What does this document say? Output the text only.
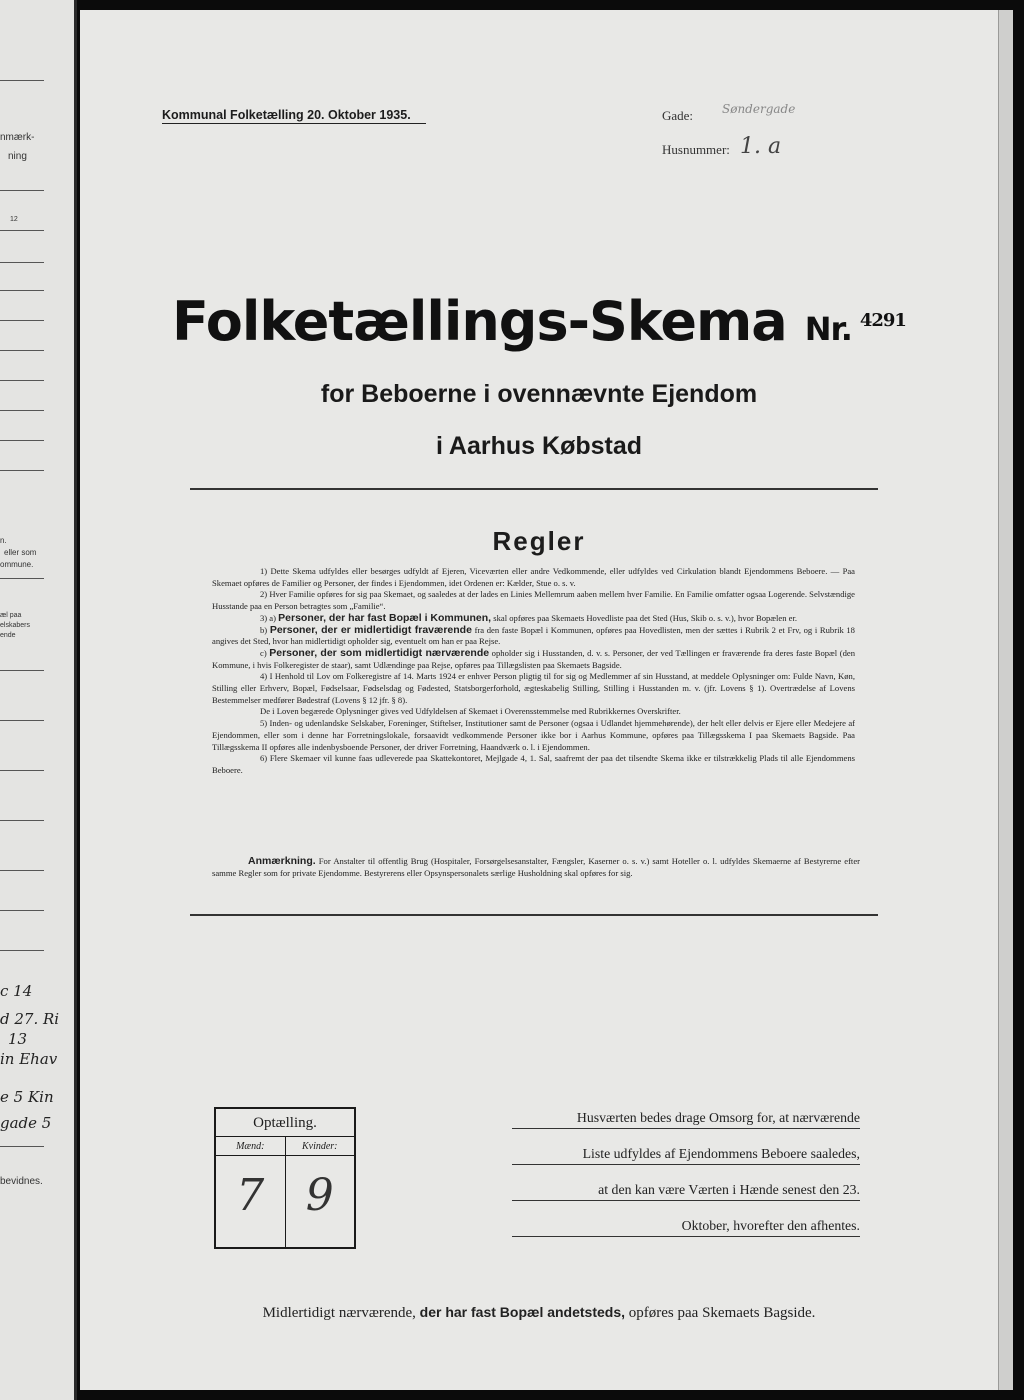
nmærk-
ning
12
n.
eller som
ommune.
æl paa
elskabers
ende
c 14
d 27. Ri
13
in Ehav
e 5 Kin
gade 5
bevidnes.
Kommunal Folketælling 20. Oktober 1935.	Gade: Søndergade
Husnummer: 1. a
Folketællings-Skema Nr. $^{4291}$
for Beboerne i ovennævnte Ejendom
i Aarhus Købstad
Regler

1) Dette Skema udfyldes eller besørges udfyldt af Ejeren, Viceværten eller andre Vedkommende, eller udfyldes ved Cirkulation blandt Ejendommens Beboere. — Paa Skemaet opføres de Familier og Personer, der findes i Ejendommen, idet Ordenen er: Kælder, Stue o. s. v.

2) Hver Familie opføres for sig paa Skemaet, og saaledes at der lades en Linies Mellemrum aaben mellem hver Familie. En Familie omfatter ogsaa Logerende. Selvstændige Husstande paa en Person betragtes som „Familie“.

3) a) Personer, der har fast Bopæl i Kommunen, skal opføres paa Skemaets Hovedliste paa det Sted (Hus, Skib o. s. v.), hvor Bopælen er.

b) Personer, der er midlertidigt fraværende fra den faste Bopæl i Kommunen, opføres paa Hovedlisten, men der sættes i Rubrik 2 et Frv, og i Rubrik 18 angives det Sted, hvor han midlertidigt opholder sig, eventuelt om han er paa Rejse.

c) Personer, der som midlertidigt nærværende opholder sig i Husstanden, d. v. s. Personer, der ved Tællingen er fraværende fra deres faste Bopæl (den Kommune, i hvis Folkeregister de staar), samt Udlændinge paa Rejse, opføres paa Tillægslisten paa Skemaets Bagside.

4) I Henhold til Lov om Folkeregistre af 14. Marts 1924 er enhver Person pligtig til for sig og Medlemmer af sin Husstand, at meddele Oplysninger om: Fulde Navn, Køn, Stilling eller Erhverv, Bopæl, Fødselsaar, Fødselsdag og Fødested, Statsborgerforhold, ægteskabelig Stilling, Stilling i Husstanden m. v. (jfr. Lovens § 1). Overtrædelse af Lovens Bestemmelser medfører Bødestraf (Lovens § 12 jfr. § 8).

De i Loven begærede Oplysninger gives ved Udfyldelsen af Skemaet i Overensstemmelse med Rubrikkernes Overskrifter.

5) Inden- og udenlandske Selskaber, Foreninger, Stiftelser, Institutioner samt de Personer (ogsaa i Udlandet hjemmehørende), der helt eller delvis er Ejere eller Medejere af Ejendommen, eller som i denne har Forretningslokale, forsaavidt vedkommende Personer ikke bor i Aarhus Kommune, opføres paa Tillægsskema I paa Skemaets Bagside. Paa Tillægsskema II opføres alle indenbysboende Personer, der driver Forretning, Haandværk o. l. i Ejendommen.

6) Flere Skemaer vil kunne faas udleverede paa Skattekontoret, Mejlgade 4, 1. Sal, saafremt der paa det tilsendte Skema ikke er tilstrækkelig Plads til alle Ejendommens Beboere.

Anmærkning. For Anstalter til offentlig Brug (Hospitaler, Forsørgelsesanstalter, Fængsler, Kaserner o. s. v.) samt Hoteller o. l. udfyldes Skemaerne af Bestyrerne efter samme Regler som for private Ejendomme. Bestyrerens eller Opsynspersonalets særlige Husholdning skal opføres for sig.
Optælling.
Mænd:
7
Kvinder:
9
Husværten bedes drage Omsorg for, at nærværende
Liste udfyldes af Ejendommens Beboere saaledes,
at den kan være Værten i Hænde senest den 23.
Oktober, hvorefter den afhentes.
Midlertidigt nærværende, der har fast Bopæl andetsteds, opføres paa Skemaets Bagside.
